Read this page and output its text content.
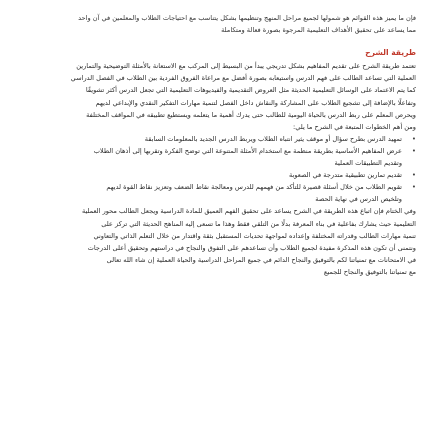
فإن ما يميز هذه القوائم هو شمولها لجميع مراحل المنهج وتنظيمها بشكل يتناسب مع احتياجات الطلاب والمعلمين في آن واحد
مما يساعد على تحقيق الأهداف التعليمية المرجوة بصورة فعالة ومتكاملة
طريقة الشرح
تعتمد طريقة الشرح على تقديم المفاهيم بشكل تدريجي يبدأ من البسيط إلى المركب مع الاستعانة بالأمثلة التوضيحية والتمارين
العملية التي تساعد الطالب على فهم الدرس واستيعابه بصورة أفضل مع مراعاة الفروق الفردية بين الطلاب في الفصل الدراسي
كما يتم الاعتماد على الوسائل التعليمية الحديثة مثل العروض التقديمية والفيديوهات التعليمية التي تجعل الدرس أكثر تشويقًا
وتفاعلًا بالإضافة إلى تشجيع الطلاب على المشاركة والنقاش داخل الفصل لتنمية مهارات التفكير النقدي والإبداعي لديهم
ويحرص المعلم على ربط الدرس بالحياة اليومية للطالب حتى يدرك أهمية ما يتعلمه ويستطيع تطبيقه في المواقف المختلفة
ومن أهم الخطوات المتبعة في الشرح ما يلي:
•
تمهيد الدرس بطرح سؤال أو موقف يثير انتباه الطلاب ويربط الدرس الجديد بالمعلومات السابقة
•
عرض المفاهيم الأساسية بطريقة منظمة مع استخدام الأمثلة المتنوعة التي توضح الفكرة وتقربها إلى أذهان الطلاب
وتقديم التطبيقات العملية
•
تقديم تمارين تطبيقية متدرجة في الصعوبة
•
تقويم الطلاب من خلال أسئلة قصيرة للتأكد من فهمهم للدرس ومعالجة نقاط الضعف وتعزيز نقاط القوة لديهم
وتلخيص الدرس في نهاية الحصة
وفي الختام فإن اتباع هذه الطريقة في الشرح يساعد على تحقيق الفهم العميق للمادة الدراسية ويجعل الطالب محور العملية
التعليمية حيث يشارك بفاعلية في بناء المعرفة بدلًا من التلقي فقط وهذا ما تسعى إليه المناهج الحديثة التي تركز على
تنمية مهارات الطالب وقدراته المختلفة وإعداده لمواجهة تحديات المستقبل بثقة واقتدار من خلال التعلم الذاتي والتعاوني
ونتمنى أن تكون هذه المذكرة مفيدة لجميع الطلاب وأن تساعدهم على التفوق والنجاح في دراستهم وتحقيق أعلى الدرجات
في الامتحانات مع تمنياتنا لكم بالتوفيق والنجاح الدائم في جميع المراحل الدراسية والحياة العملية إن شاء الله تعالى
مع تمنياتنا بالتوفيق والنجاح للجميع
